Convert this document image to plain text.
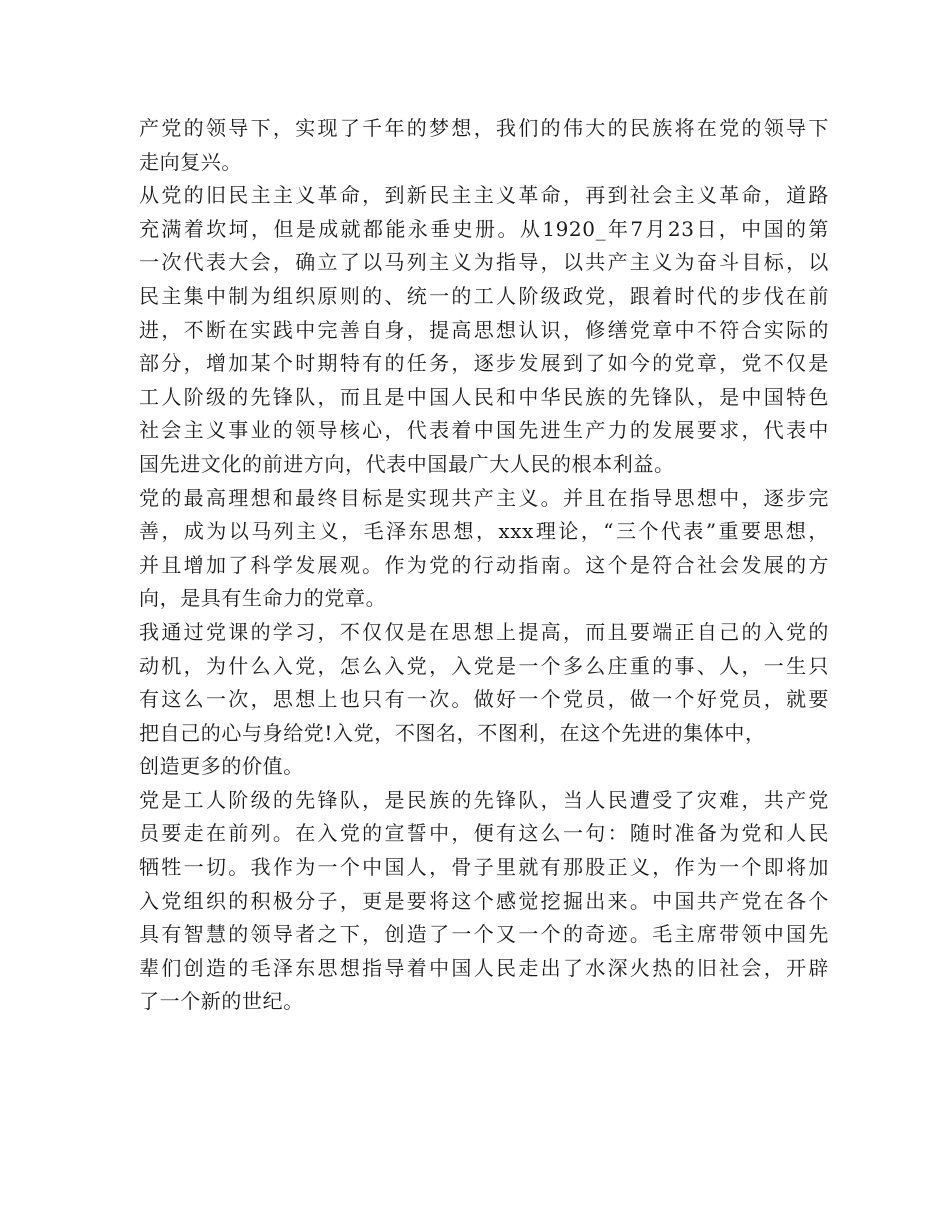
产党的领导下，实现了千年的梦想，我们的伟大的民族将在党的领导下
走向复兴。
从党的旧民主主义革命，到新民主主义革命，再到社会主义革命，道路
充满着坎坷，但是成就都能永垂史册。从1920_年7月23日，中国的第
一次代表大会，确立了以马列主义为指导，以共产主义为奋斗目标，以
民主集中制为组织原则的、统一的工人阶级政党，跟着时代的步伐在前
进，不断在实践中完善自身，提高思想认识，修缮党章中不符合实际的
部分，增加某个时期特有的任务，逐步发展到了如今的党章，党不仅是
工人阶级的先锋队，而且是中国人民和中华民族的先锋队，是中国特色
社会主义事业的领导核心，代表着中国先进生产力的发展要求，代表中
国先进文化的前进方向，代表中国最广大人民的根本利益。
党的最高理想和最终目标是实现共产主义。并且在指导思想中，逐步完
善，成为以马列主义，毛泽东思想，xxx理论，“三个代表”重要思想，
并且增加了科学发展观。作为党的行动指南。这个是符合社会发展的方
向，是具有生命力的党章。
我通过党课的学习，不仅仅是在思想上提高，而且要端正自己的入党的
动机，为什么入党，怎么入党，入党是一个多么庄重的事、人，一生只
有这么一次，思想上也只有一次。做好一个党员，做一个好党员，就要
把自己的心与身给党!入党，不图名，不图利，在这个先进的集体中，
创造更多的价值。
党是工人阶级的先锋队，是民族的先锋队，当人民遭受了灾难，共产党
员要走在前列。在入党的宣誓中，便有这么一句：随时准备为党和人民
牺牲一切。我作为一个中国人，骨子里就有那股正义，作为一个即将加
入党组织的积极分子，更是要将这个感觉挖掘出来。中国共产党在各个
具有智慧的领导者之下，创造了一个又一个的奇迹。毛主席带领中国先
辈们创造的毛泽东思想指导着中国人民走出了水深火热的旧社会，开辟
了一个新的世纪。
